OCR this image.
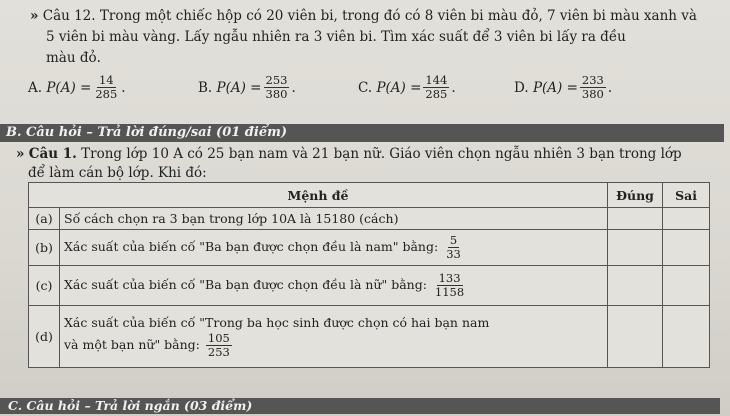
» Câu 12. Trong một chiếc hộp có 20 viên bi, trong đó có 8 viên bi màu đỏ, 7 viên bi màu xanh và
5 viên bi màu vàng. Lấy ngẫu nhiên ra 3 viên bi. Tìm xác suất để 3 viên bi lấy ra đều
màu đỏ.
A.
$P(A) = \frac{14}{285}$ .	B.
$P(A) = \frac{253}{380}$ .	C.
$P(A) = \frac{144}{285}$ .	D.
$P(A) = \frac{233}{380}$ .
B. Câu hỏi – Trả lời đúng/sai (01 điểm)
» Câu 1. Trong lớp 10 A có 25 bạn nam và 21 bạn nữ. Giáo viên chọn ngẫu nhiên 3 bạn trong lớp
để làm cán bộ lớp. Khi đó:
Mệnh đề		Đúng	Sai
(a)	Số cách chọn ra 3 bạn trong lớp 10A là 15180 (cách)		
(b)	Xác suất của biến cố "Ba bạn được chọn đều là nam" bằng: $\frac{5}{33}$

(c)	Xác suất của biến cố "Ba bạn được chọn đều là nữ" bằng: $\frac{133}{1158}$

(d)	Xác suất của biến cố "Trong ba học sinh được chọn có hai bạn nam
và một bạn nữ" bằng: $\frac{105}{253}$

C. Câu hỏi – Trả lời ngắn (03 điểm)
